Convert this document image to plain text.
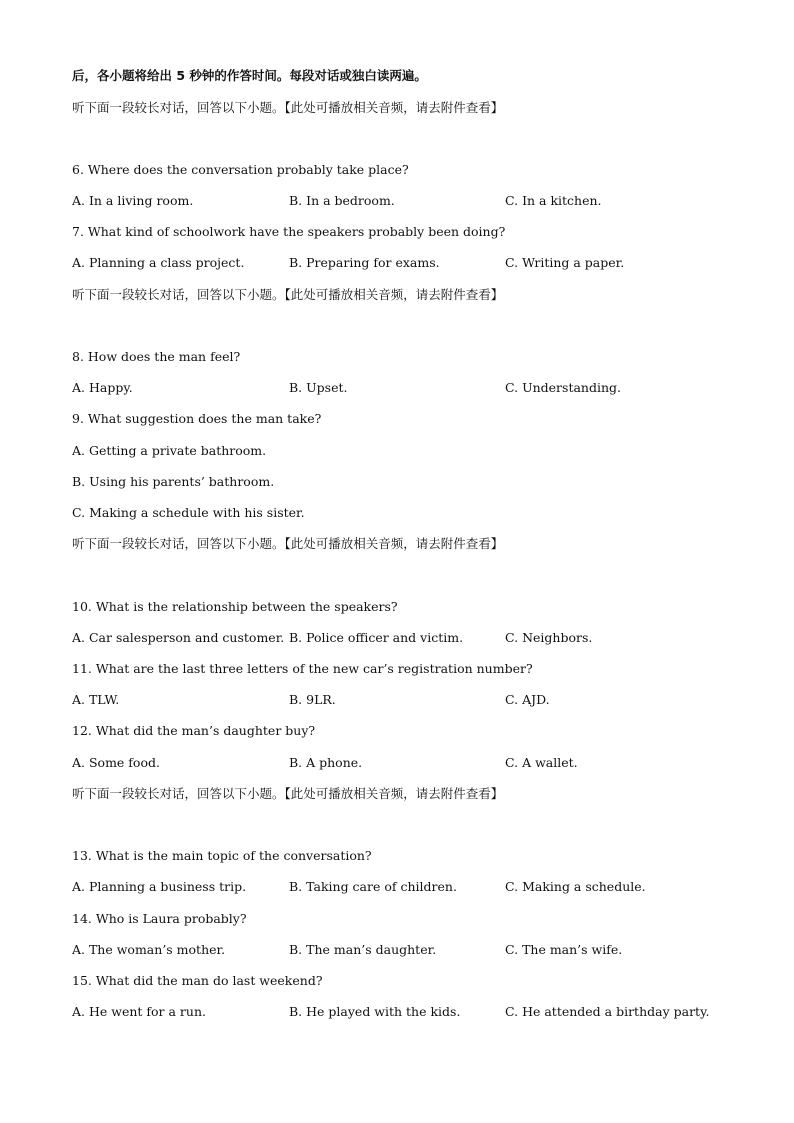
后，各小题将给出 5 秒钟的作答时间。每段对话或独白读两遍。
听下面一段较长对话，回答以下小题。【此处可播放相关音频，请去附件查看】
6. Where does the conversation probably take place?
A. In a living room.	B. In a bedroom.	C. In a kitchen.
7. What kind of schoolwork have the speakers probably been doing?
A. Planning a class project.	B. Preparing for exams.	C. Writing a paper.
听下面一段较长对话，回答以下小题。【此处可播放相关音频，请去附件查看】
8. How does the man feel?
A. Happy.	B. Upset.	C. Understanding.
9. What suggestion does the man take?
A. Getting a private bathroom.
B. Using his parents’ bathroom.
C. Making a schedule with his sister.
听下面一段较长对话，回答以下小题。【此处可播放相关音频，请去附件查看】
10. What is the relationship between the speakers?
A. Car salesperson and customer. B. Police officer and victim.	C. Neighbors.
11. What are the last three letters of the new car’s registration number?
A. TLW.	B. 9LR.	C. AJD.
12. What did the man’s daughter buy?
A. Some food.	B. A phone.	C. A wallet.
听下面一段较长对话，回答以下小题。【此处可播放相关音频，请去附件查看】
13. What is the main topic of the conversation?
A. Planning a business trip.	B. Taking care of children.	C. Making a schedule.
14. Who is Laura probably?
A. The woman’s mother.	B. The man’s daughter.	C. The man’s wife.
15. What did the man do last weekend?
A. He went for a run.	B. He played with the kids.	C. He attended a birthday party.
